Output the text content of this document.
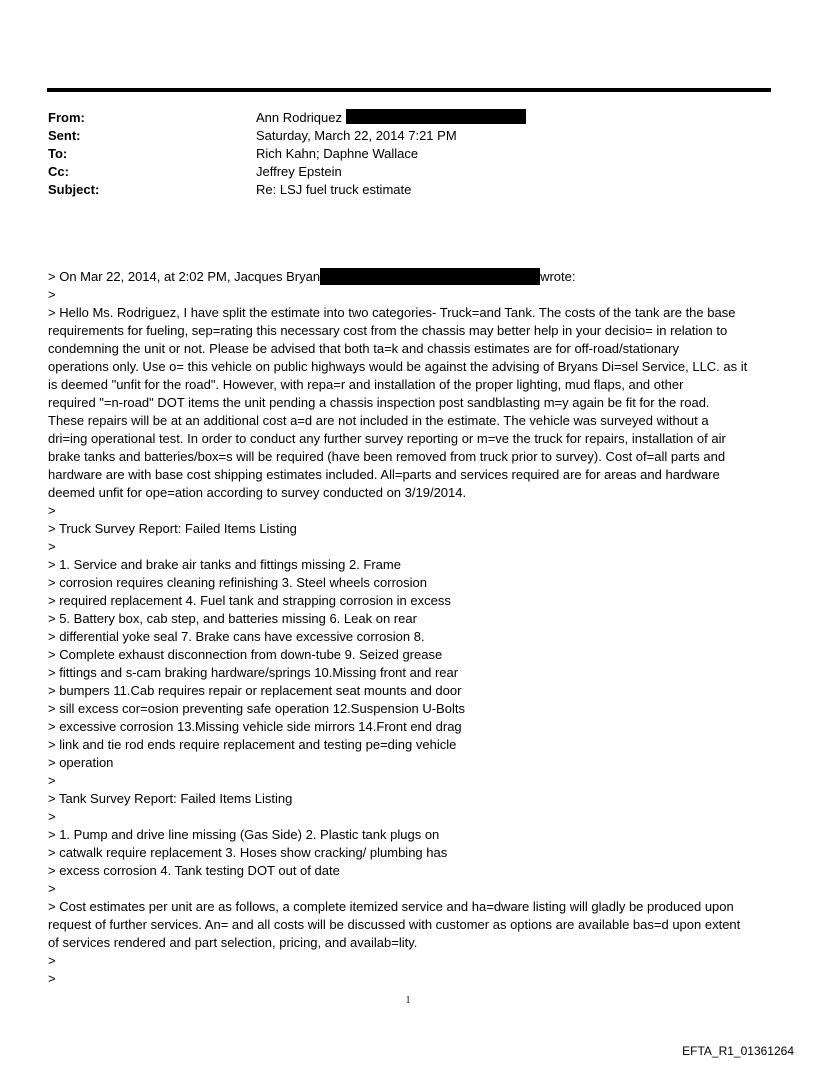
From:	Ann Rodriquez
Sent:	Saturday, March 22, 2014 7:21 PM
To:	Rich Kahn; Daphne Wallace
Cc:	Jeffrey Epstein
Subject:	Re: LSJ fuel truck estimate
> On Mar 22, 2014, at 2:02 PM, Jacques Bryan	wrote:
>
> Hello Ms. Rodriguez, I have split the estimate into two categories- Truck=and Tank. The costs of the tank are the base
requirements for fueling, sep=rating this necessary cost from the chassis may better help in your decisio= in relation to
condemning the unit or not. Please be advised that both ta=k and chassis estimates are for off-road/stationary
operations only. Use o= this vehicle on public highways would be against the advising of Bryans Di=sel Service, LLC. as it
is deemed "unfit for the road". However, with repa=r and installation of the proper lighting, mud flaps, and other
required "=n-road" DOT items the unit pending a chassis inspection post sandblasting m=y again be fit for the road.
These repairs will be at an additional cost a=d are not included in the estimate. The vehicle was surveyed without a
dri=ing operational test. In order to conduct any further survey reporting or m=ve the truck for repairs, installation of air
brake tanks and batteries/box=s will be required (have been removed from truck prior to survey). Cost of=all parts and
hardware are with base cost shipping estimates included. All=parts and services required are for areas and hardware
deemed unfit for ope=ation according to survey conducted on 3/19/2014.
>
> Truck Survey Report: Failed Items Listing
>
> 1. Service and brake air tanks and fittings missing 2. Frame
> corrosion requires cleaning refinishing 3. Steel wheels corrosion
> required replacement 4. Fuel tank and strapping corrosion in excess
> 5. Battery box, cab step, and batteries missing 6. Leak on rear
> differential yoke seal 7. Brake cans have excessive corrosion 8.
> Complete exhaust disconnection from down-tube 9. Seized grease
> fittings and s-cam braking hardware/springs 10.Missing front and rear
> bumpers 11.Cab requires repair or replacement seat mounts and door
> sill excess cor=osion preventing safe operation 12.Suspension U-Bolts
> excessive corrosion 13.Missing vehicle side mirrors 14.Front end drag
> link and tie rod ends require replacement and testing pe=ding vehicle
> operation
>
> Tank Survey Report: Failed Items Listing
>
> 1. Pump and drive line missing (Gas Side) 2. Plastic tank plugs on
> catwalk require replacement 3. Hoses show cracking/ plumbing has
> excess corrosion 4. Tank testing DOT out of date
>
> Cost estimates per unit are as follows, a complete itemized service and ha=dware listing will gladly be produced upon
request of further services. An= and all costs will be discussed with customer as options are available bas=d upon extent
of services rendered and part selection, pricing, and availab=lity.
>
>
1
EFTA_R1_01361264
